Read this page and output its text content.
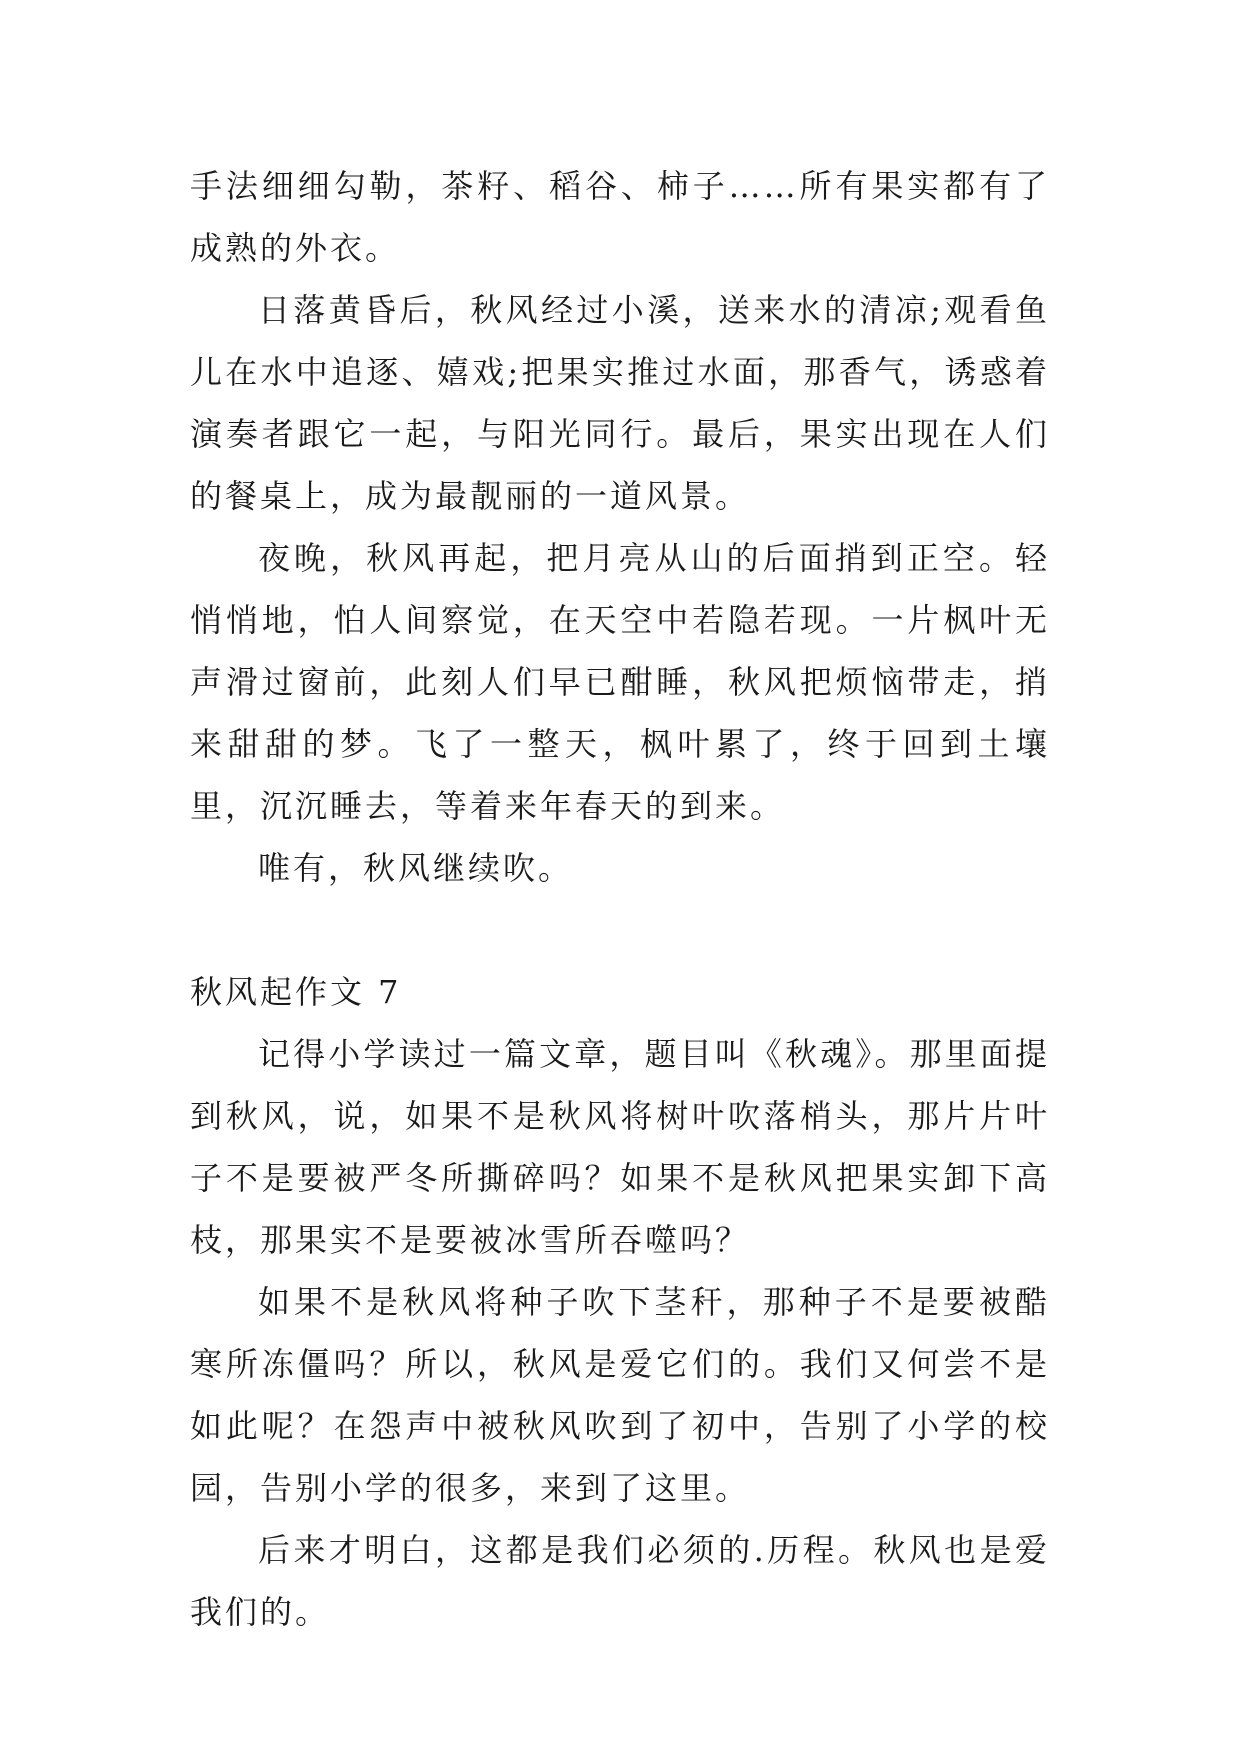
手法细细勾勒，茶籽、稻谷、柿子……所有果实都有了成熟的外衣。

日落黄昏后，秋风经过小溪，送来水的清凉;观看鱼儿在水中追逐、嬉戏;把果实推过水面，那香气，诱惑着演奏者跟它一起，与阳光同行。最后，果实出现在人们的餐桌上，成为最靓丽的一道风景。

夜晚，秋风再起，把月亮从山的后面捎到正空。轻悄悄地，怕人间察觉，在天空中若隐若现。一片枫叶无声滑过窗前，此刻人们早已酣睡，秋风把烦恼带走，捎来甜甜的梦。飞了一整天，枫叶累了，终于回到土壤里，沉沉睡去，等着来年春天的到来。

唯有，秋风继续吹。

秋风起作文 7

记得小学读过一篇文章，题目叫《秋魂》。那里面提到秋风，说，如果不是秋风将树叶吹落梢头，那片片叶子不是要被严冬所撕碎吗？如果不是秋风把果实卸下高枝，那果实不是要被冰雪所吞噬吗？

如果不是秋风将种子吹下茎秆，那种子不是要被酷寒所冻僵吗？所以，秋风是爱它们的。我们又何尝不是如此呢？在怨声中被秋风吹到了初中，告别了小学的校园，告别小学的很多，来到了这里。

后来才明白，这都是我们必须的.历程。秋风也是爱我们的。
